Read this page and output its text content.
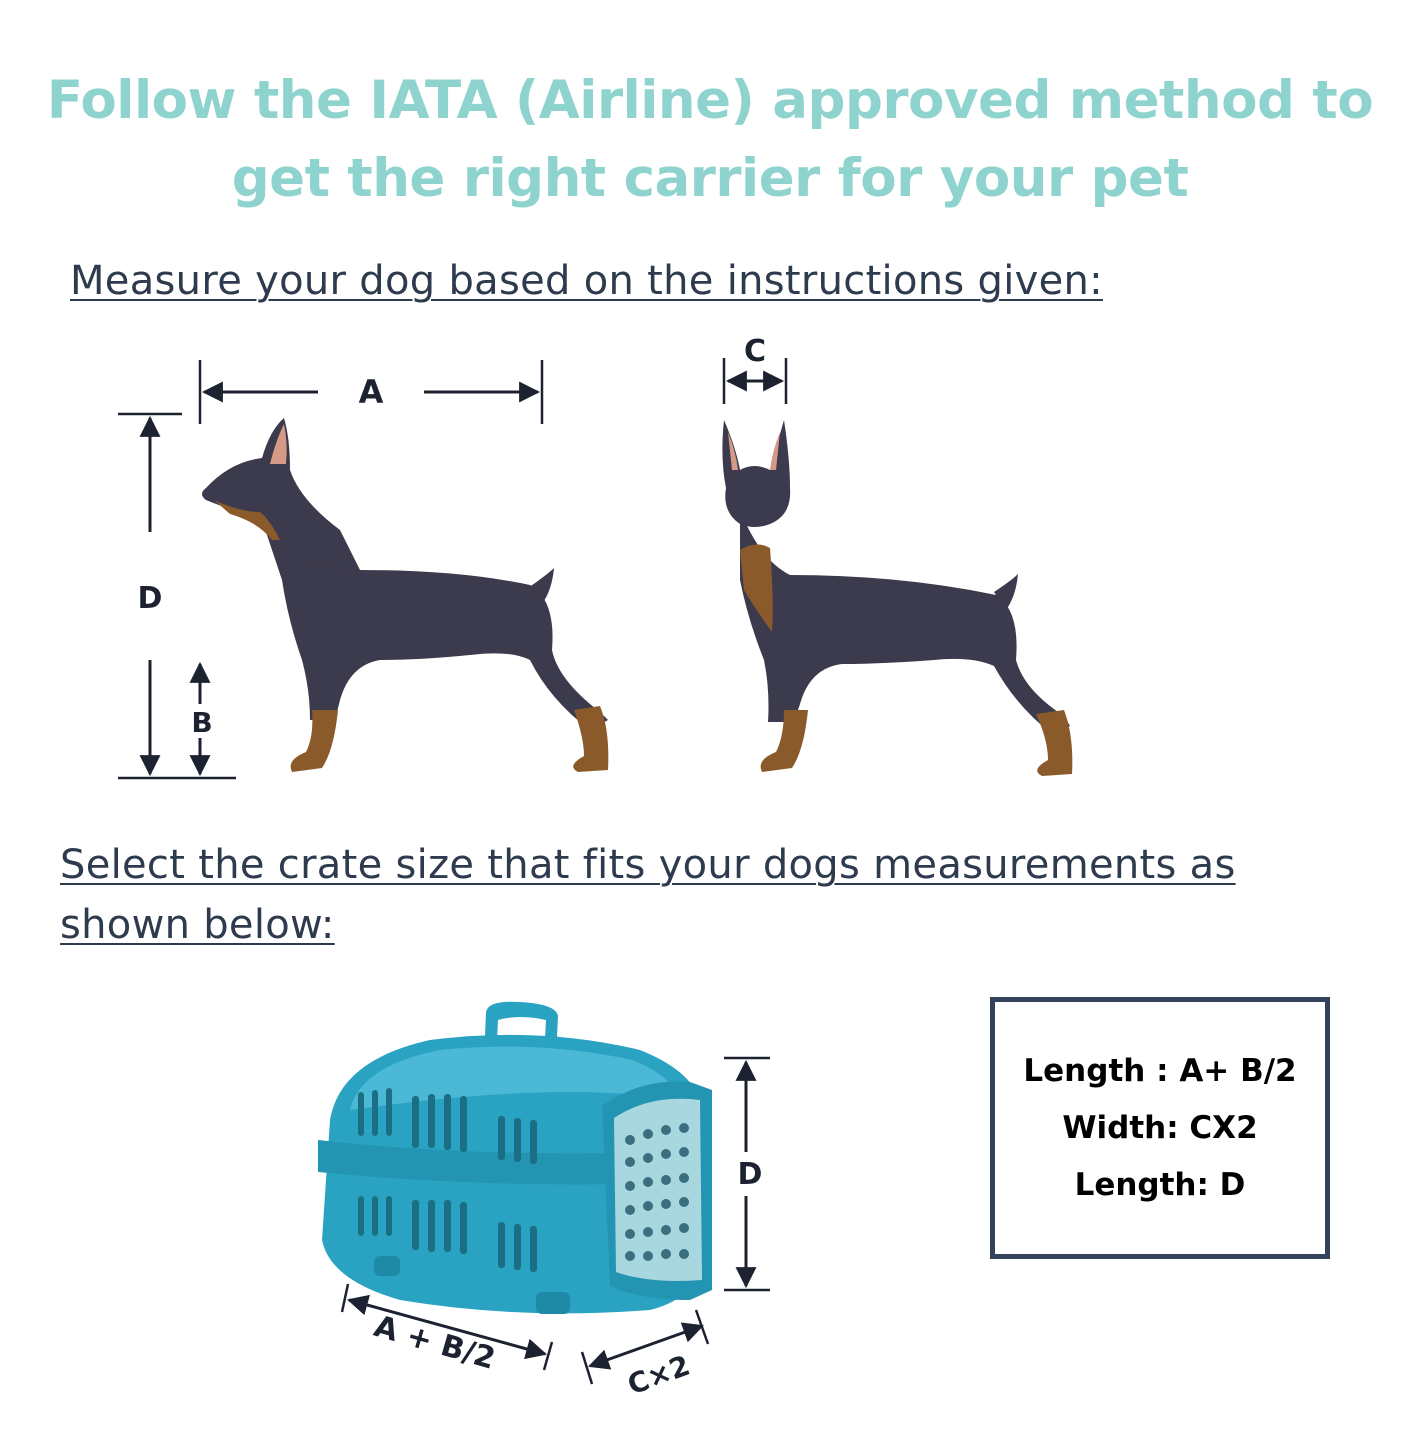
Follow the IATA (Airline) approved method to
get the right carrier for your pet
Measure your dog based on the instructions given:
A
D
B
C
Select the crate size that fits your dogs measurements as shown below:
D
A + B/2	C×2
Length : A+ B/2
Width: CX2
Length: D
